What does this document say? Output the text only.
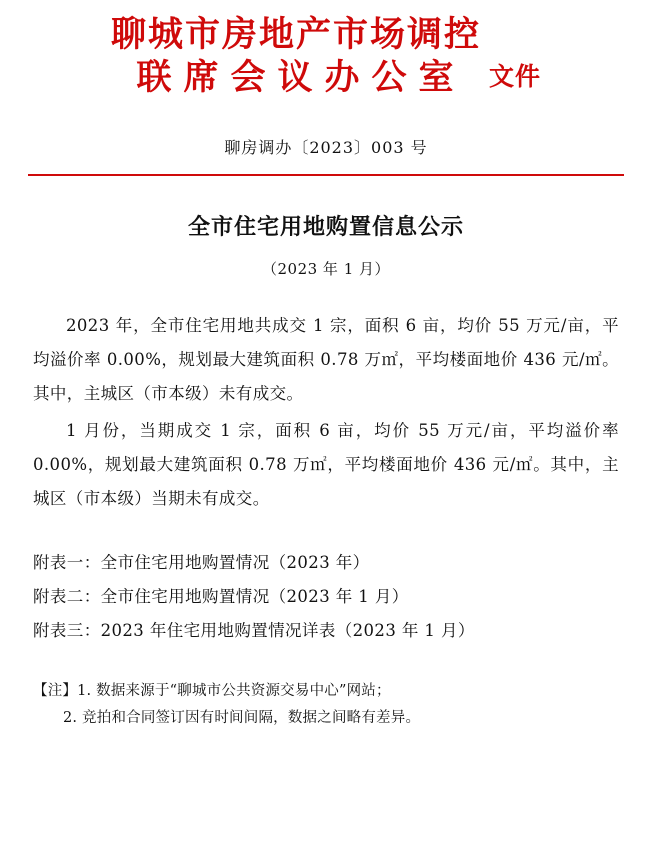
聊城市房地产市场调控
联席会议办公室 文件
聊房调办〔2023〕003 号
全市住宅用地购置信息公示
（2023 年 1 月）

2023 年，全市住宅用地共成交 1 宗，面积 6 亩，均价 55 万元/亩，平均溢价率 0.00%，规划最大建筑面积 0.78 万㎡，平均楼面地价 436 元/㎡。其中，主城区（市本级）未有成交。

1 月份，当期成交 1 宗，面积 6 亩，均价 55 万元/亩，平均溢价率 0.00%，规划最大建筑面积 0.78 万㎡，平均楼面地价 436 元/㎡。其中，主城区（市本级）当期未有成交。

附表一：全市住宅用地购置情况（2023 年）
附表二：全市住宅用地购置情况（2023 年 1 月）
附表三：2023 年住宅用地购置情况详表（2023 年 1 月）
【注】1. 数据来源于“聊城市公共资源交易中心”网站；
2. 竞拍和合同签订因有时间间隔，数据之间略有差异。
